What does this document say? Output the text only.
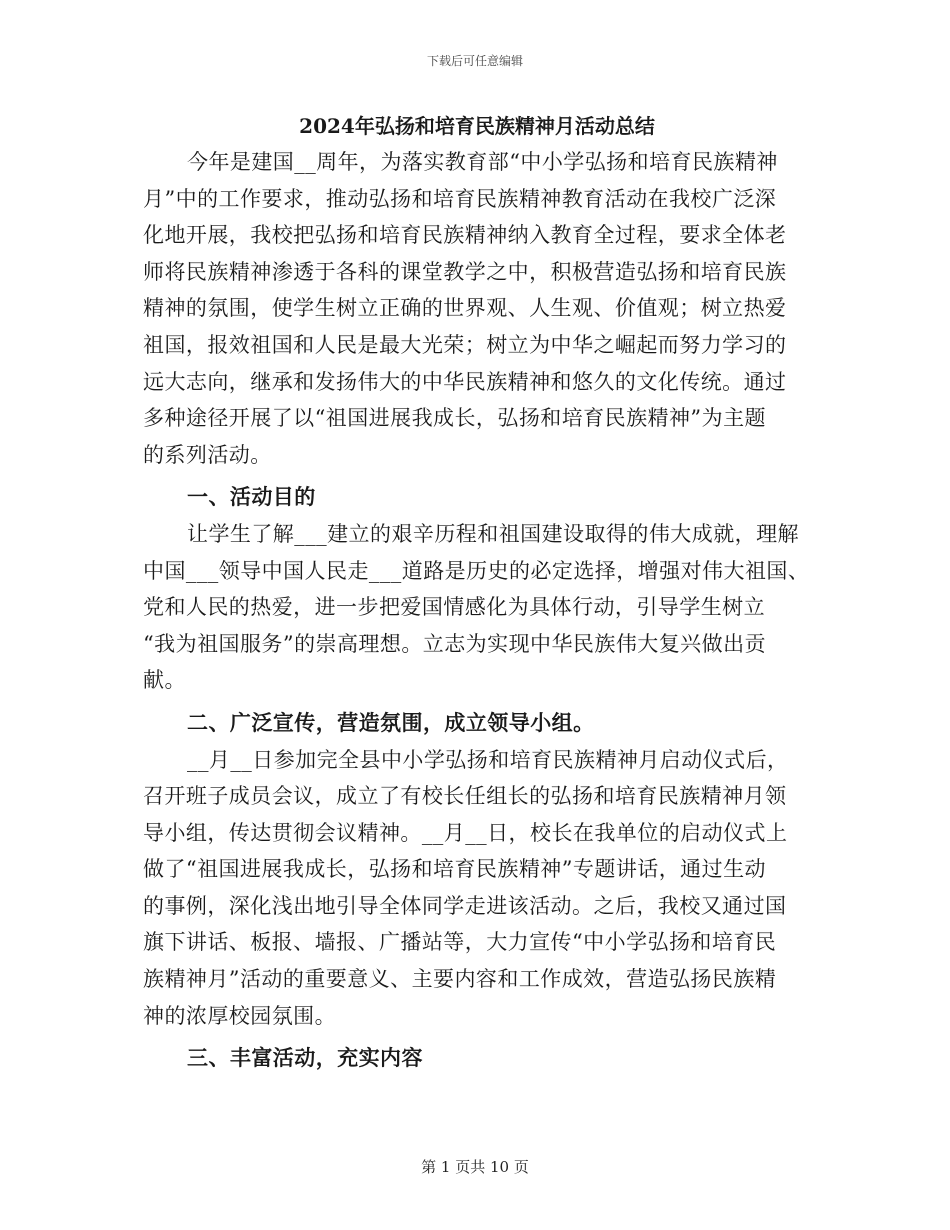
下载后可任意编辑

2024年弘扬和培育民族精神月活动总结

今年是建国__周年，为落实教育部“中小学弘扬和培育民族精神

月”中的工作要求，推动弘扬和培育民族精神教育活动在我校广泛深

化地开展，我校把弘扬和培育民族精神纳入教育全过程，要求全体老

师将民族精神渗透于各科的课堂教学之中，积极营造弘扬和培育民族

精神的氛围，使学生树立正确的世界观、人生观、价值观；树立热爱

祖国，报效祖国和人民是最大光荣；树立为中华之崛起而努力学习的

远大志向，继承和发扬伟大的中华民族精神和悠久的文化传统。通过

多种途径开展了以“祖国进展我成长，弘扬和培育民族精神”为主题

的系列活动。

一、活动目的

让学生了解___建立的艰辛历程和祖国建设取得的伟大成就，理解

中国___领导中国人民走___道路是历史的必定选择，增强对伟大祖国、

党和人民的热爱，进一步把爱国情感化为具体行动，引导学生树立

“我为祖国服务”的崇高理想。立志为实现中华民族伟大复兴做出贡

献。

二、广泛宣传，营造氛围，成立领导小组。

__月__日参加完全县中小学弘扬和培育民族精神月启动仪式后，

召开班子成员会议，成立了有校长任组长的弘扬和培育民族精神月领

导小组，传达贯彻会议精神。__月__日，校长在我单位的启动仪式上

做了“祖国进展我成长，弘扬和培育民族精神”专题讲话，通过生动

的事例，深化浅出地引导全体同学走进该活动。之后，我校又通过国

旗下讲话、板报、墙报、广播站等，大力宣传“中小学弘扬和培育民

族精神月”活动的重要意义、主要内容和工作成效，营造弘扬民族精

神的浓厚校园氛围。

三、丰富活动，充实内容

第 1 页共 10 页
